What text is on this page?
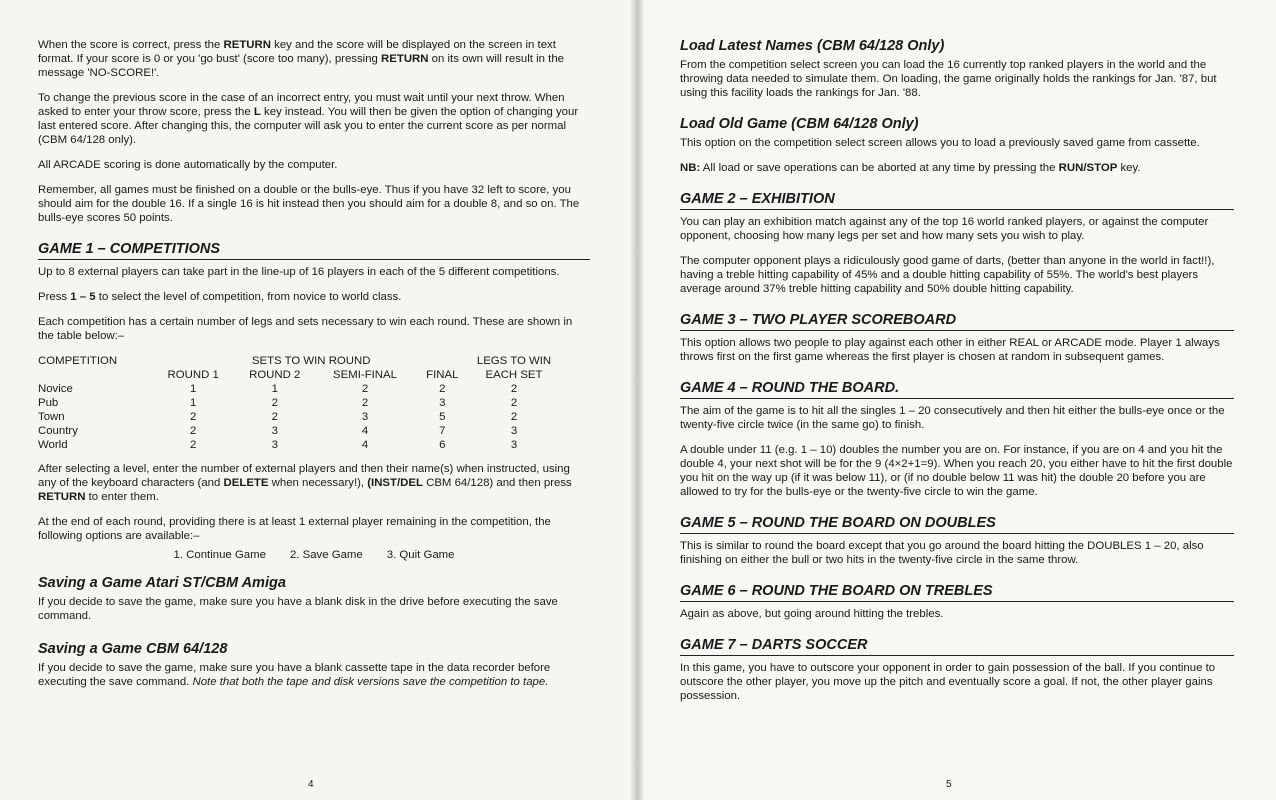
When the score is correct, press the RETURN key and the score will be displayed on the screen in text format. If your score is 0 or you 'go bust' (score too many), pressing RETURN on its own will result in the message 'NO-SCORE!'.

To change the previous score in the case of an incorrect entry, you must wait until your next throw. When asked to enter your throw score, press the L key instead. You will then be given the option of changing your last entered score. After changing this, the computer will ask you to enter the current score as per normal (CBM 64/128 only).

All ARCADE scoring is done automatically by the computer.

Remember, all games must be finished on a double or the bulls-eye. Thus if you have 32 left to score, you should aim for the double 16. If a single 16 is hit instead then you should aim for a double 8, and so on. The bulls-eye scores 50 points.

GAME 1 – COMPETITIONS

Up to 8 external players can take part in the line-up of 16 players in each of the 5 different competitions.

Press 1 – 5 to select the level of competition, from novice to world class.

Each competition has a certain number of legs and sets necessary to win each round. These are shown in the table below:–

COMPETITION	SETS TO WIN ROUND				LEGS TO WIN EACH SET
	ROUND 1	ROUND 2	SEMI-FINAL	FINAL	
Novice	1	1	2	2	2
Pub	1	2	2	3	2
Town	2	2	3	5	2
Country	2	3	4	7	3
World	2	3	4	6	3

After selecting a level, enter the number of external players and then their name(s) when instructed, using any of the keyboard characters (and DELETE when necessary!), (INST/DEL CBM 64/128) and then press RETURN to enter them.

At the end of each round, providing there is at least 1 external player remaining in the competition, the following options are available:–

1. Continue Game 2. Save Game 3. Quit Game
Saving a Game Atari ST/CBM Amiga

If you decide to save the game, make sure you have a blank disk in the drive before executing the save command.

Saving a Game CBM 64/128

If you decide to save the game, make sure you have a blank cassette tape in the data recorder before executing the save command. Note that both the tape and disk versions save the competition to tape.

4
Load Latest Names (CBM 64/128 Only)

From the competition select screen you can load the 16 currently top ranked players in the world and the throwing data needed to simulate them. On loading, the game originally holds the rankings for Jan. '87, but using this facility loads the rankings for Jan. '88.

Load Old Game (CBM 64/128 Only)

This option on the competition select screen allows you to load a previously saved game from cassette.

NB: All load or save operations can be aborted at any time by pressing the RUN/STOP key.

GAME 2 – EXHIBITION

You can play an exhibition match against any of the top 16 world ranked players, or against the computer opponent, choosing how many legs per set and how many sets you wish to play.

The computer opponent plays a ridiculously good game of darts, (better than anyone in the world in fact!!), having a treble hitting capability of 45% and a double hitting capability of 55%. The world's best players average around 37% treble hitting capability and 50% double hitting capability.

GAME 3 – TWO PLAYER SCOREBOARD

This option allows two people to play against each other in either REAL or ARCADE mode. Player 1 always throws first on the first game whereas the first player is chosen at random in subsequent games.

GAME 4 – ROUND THE BOARD.

The aim of the game is to hit all the singles 1 – 20 consecutively and then hit either the bulls-eye once or the twenty-five circle twice (in the same go) to finish.

A double under 11 (e.g. 1 – 10) doubles the number you are on. For instance, if you are on 4 and you hit the double 4, your next shot will be for the 9 (4×2+1=9). When you reach 20, you either have to hit the first double you hit on the way up (if it was below 11), or (if no double below 11 was hit) the double 20 before you are allowed to try for the bulls-eye or the twenty-five circle to win the game.

GAME 5 – ROUND THE BOARD ON DOUBLES

This is similar to round the board except that you go around the board hitting the DOUBLES 1 – 20, also finishing on either the bull or two hits in the twenty-five circle in the same throw.

GAME 6 – ROUND THE BOARD ON TREBLES

Again as above, but going around hitting the trebles.

GAME 7 – DARTS SOCCER

In this game, you have to outscore your opponent in order to gain possession of the ball. If you continue to outscore the other player, you move up the pitch and eventually score a goal. If not, the other player gains possession.

5
